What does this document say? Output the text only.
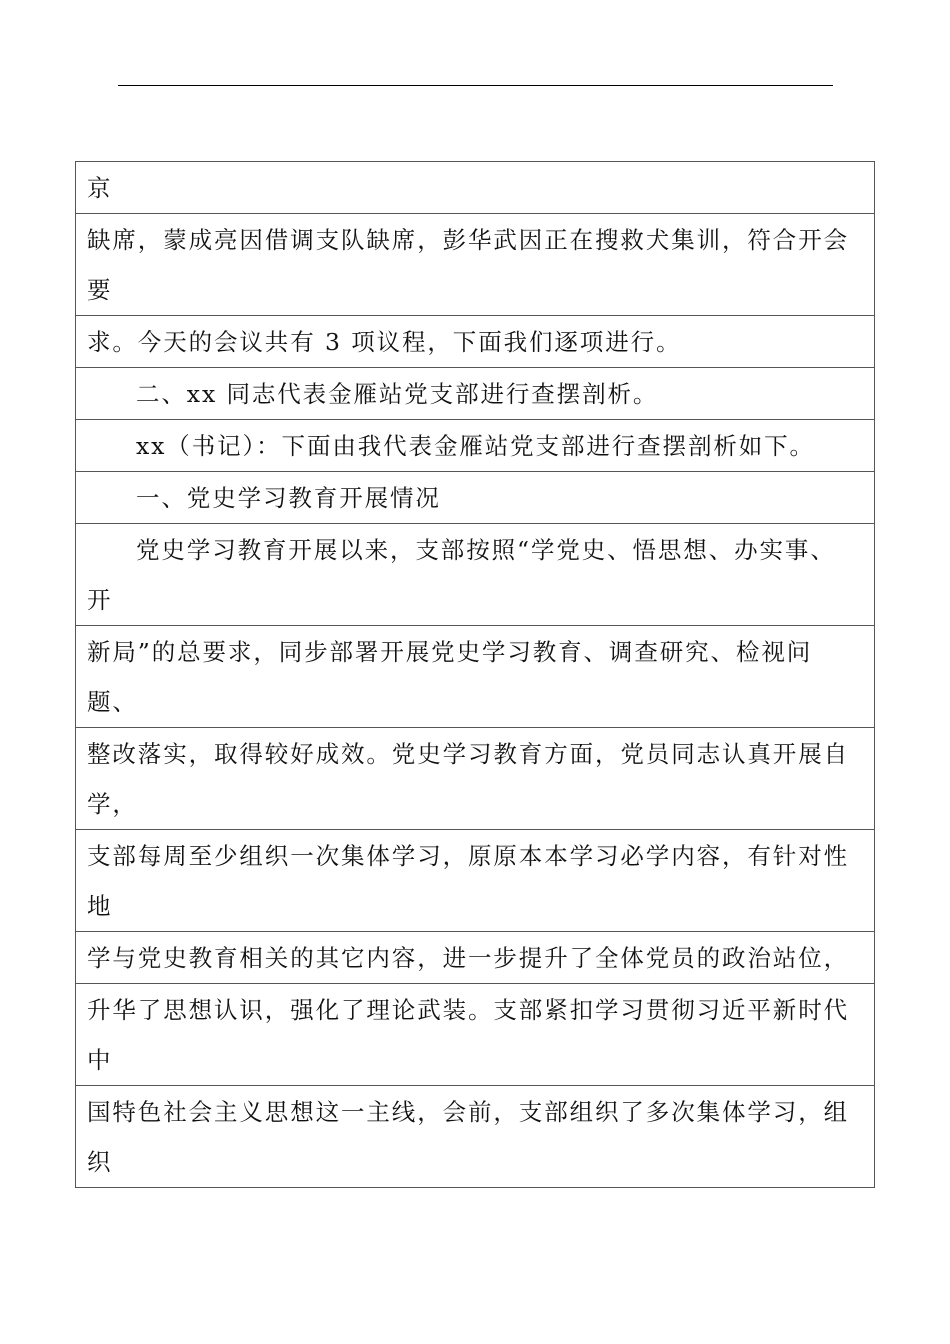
京

缺席，蒙成亮因借调支队缺席，彭华武因正在搜救犬集训，符合开会
要

求。今天的会议共有 3 项议程，下面我们逐项进行。

二、xx 同志代表金雁站党支部进行查摆剖析。

xx（书记）：下面由我代表金雁站党支部进行查摆剖析如下。

一、党史学习教育开展情况

党史学习教育开展以来，支部按照“学党史、悟思想、办实事、
开

新局”的总要求，同步部署开展党史学习教育、调查研究、检视问
题、

整改落实，取得较好成效。党史学习教育方面，党员同志认真开展自
学，

支部每周至少组织一次集体学习，原原本本学习必学内容，有针对性
地

学与党史教育相关的其它内容，进一步提升了全体党员的政治站位，

升华了思想认识，强化了理论武装。支部紧扣学习贯彻习近平新时代
中

国特色社会主义思想这一主线，会前，支部组织了多次集体学习，组
织
